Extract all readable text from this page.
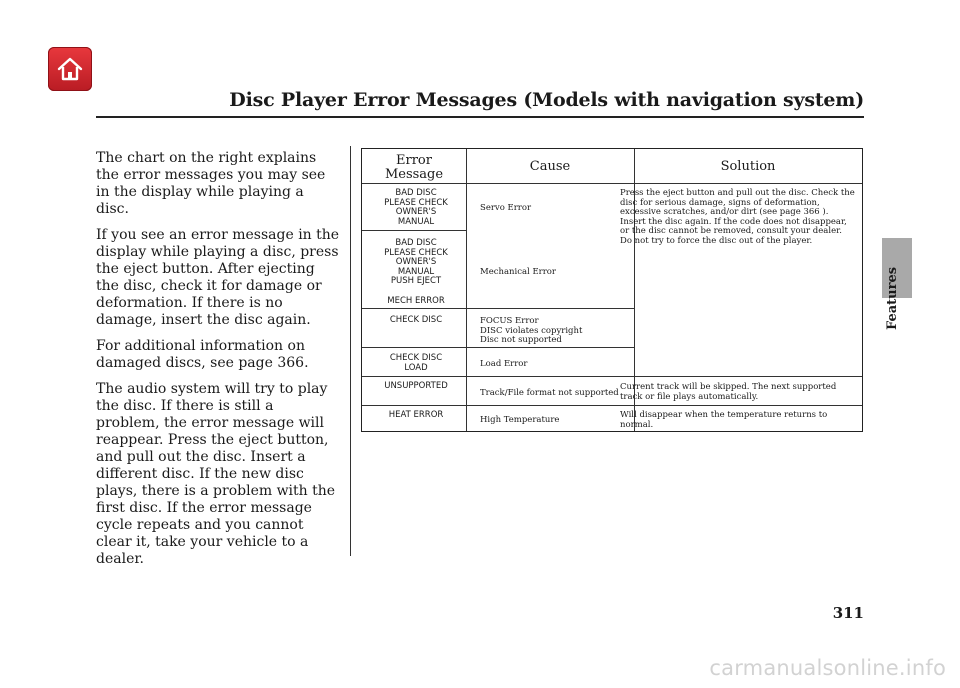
Disc Player Error Messages (Models with navigation system)
Features

The chart on the right explains the error messages you may see in the display while playing a disc.

If you see an error message in the display while playing a disc, press the eject button. After ejecting the disc, check it for damage or deformation. If there is no damage, insert the disc again.

For additional information on damaged discs, see page 366.

The audio system will try to play the disc. If there is still a problem, the error message will reappear. Press the eject button, and pull out the disc. Insert a different disc. If the new disc plays, there is a problem with the first disc. If the error message cycle repeats and you cannot clear it, take your vehicle to a dealer.

Error
Message
Cause	Solution
BAD DISC
PLEASE CHECK
OWNER'S
MANUAL
BAD DISC
PLEASE CHECK
OWNER'S
MANUAL
PUSH EJECT
MECH ERROR
CHECK DISC
CHECK DISC
LOAD
UNSUPPORTED
HEAT ERROR
Servo Error
Mechanical Error
FOCUS Error
DISC violates copyright
Disc not supported
Load Error
Track/File format not supported
High Temperature
Press the eject button and pull out the disc. Check the disc for serious damage, signs of deformation, excessive scratches, and/or dirt (see page 366 ). Insert the disc again. If the code does not disappear, or the disc cannot be removed, consult your dealer. Do not try to force the disc out of the player.
Current track will be skipped. The next supported track or file plays automatically.
Will disappear when the temperature returns to normal.
311
carmanualsonline.info
